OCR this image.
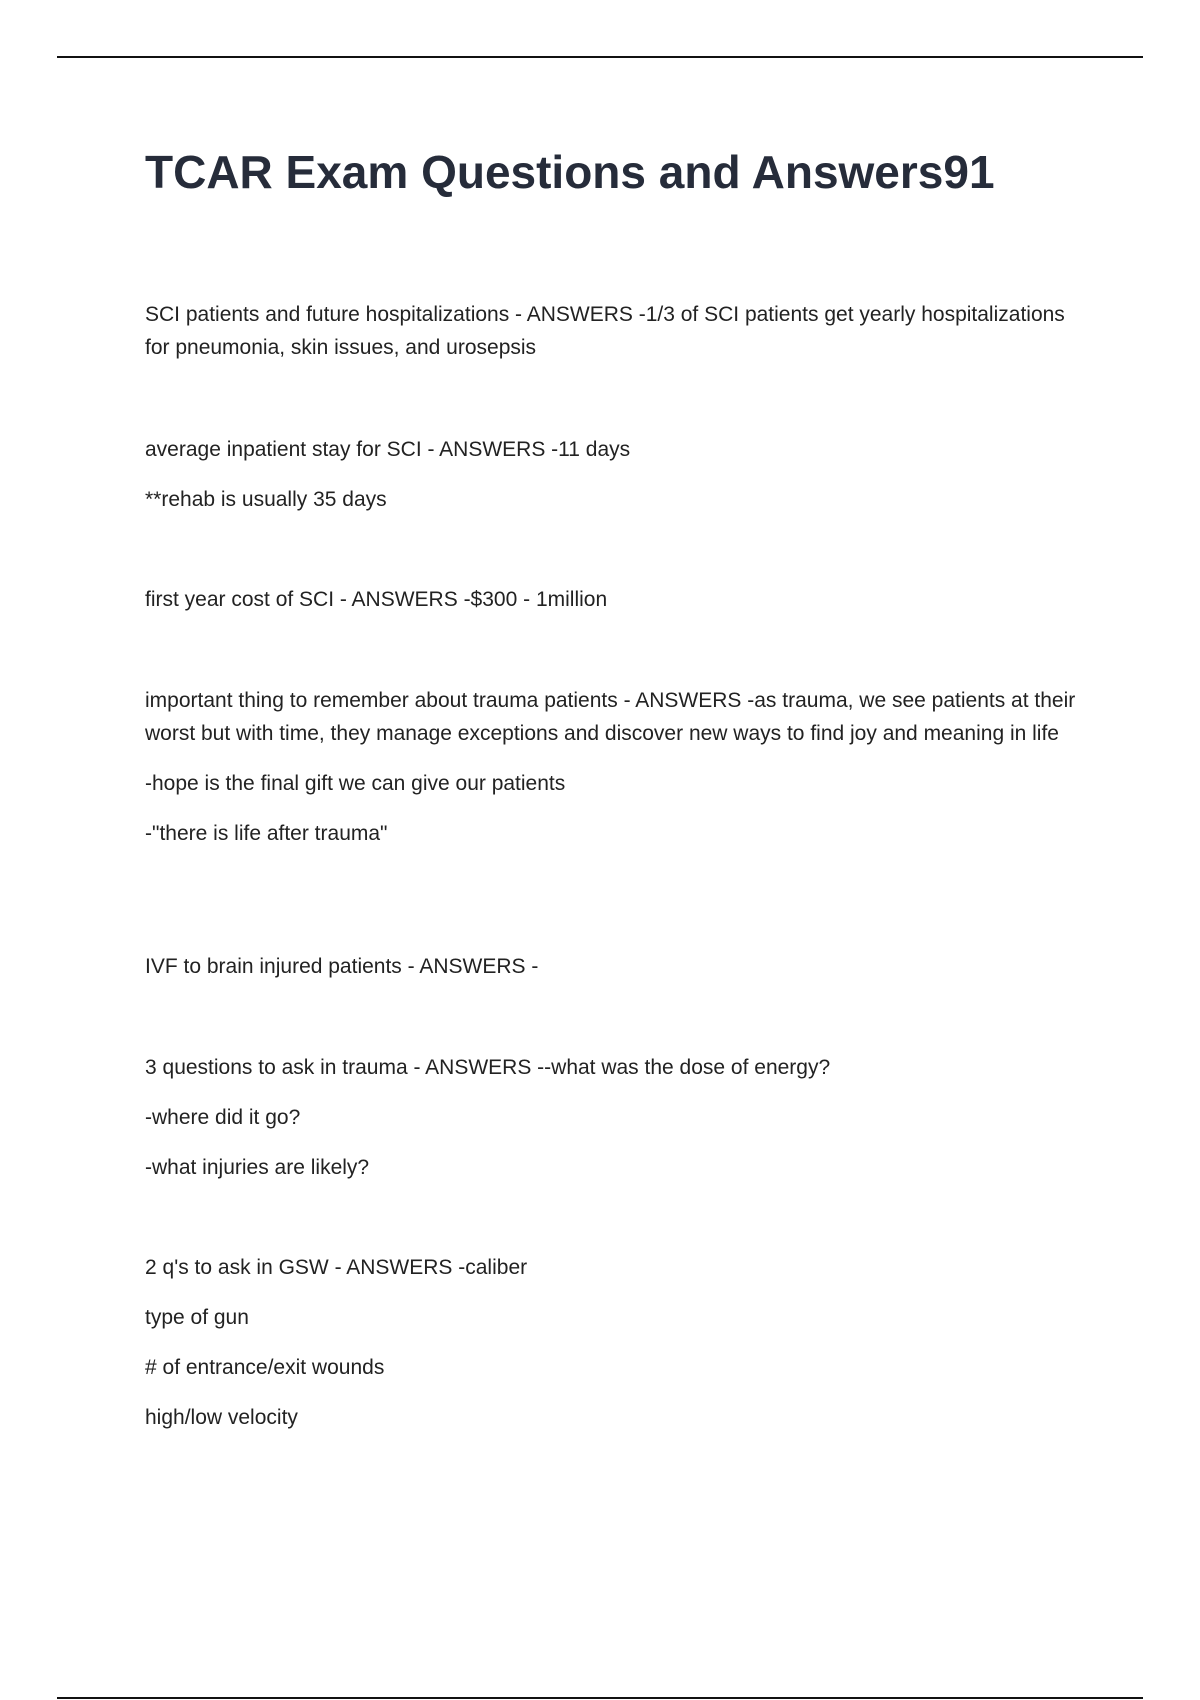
TCAR Exam Questions and Answers91

SCI patients and future hospitalizations - ANSWERS -1/3 of SCI patients get yearly hospitalizations for pneumonia, skin issues, and urosepsis

average inpatient stay for SCI - ANSWERS -11 days

**rehab is usually 35 days

first year cost of SCI - ANSWERS -$300 - 1million

important thing to remember about trauma patients - ANSWERS -as trauma, we see patients at their worst but with time, they manage exceptions and discover new ways to find joy and meaning in life

-hope is the final gift we can give our patients

-"there is life after trauma"

IVF to brain injured patients - ANSWERS -

3 questions to ask in trauma - ANSWERS --what was the dose of energy?

-where did it go?

-what injuries are likely?

2 q's to ask in GSW - ANSWERS -caliber

type of gun

# of entrance/exit wounds

high/low velocity
